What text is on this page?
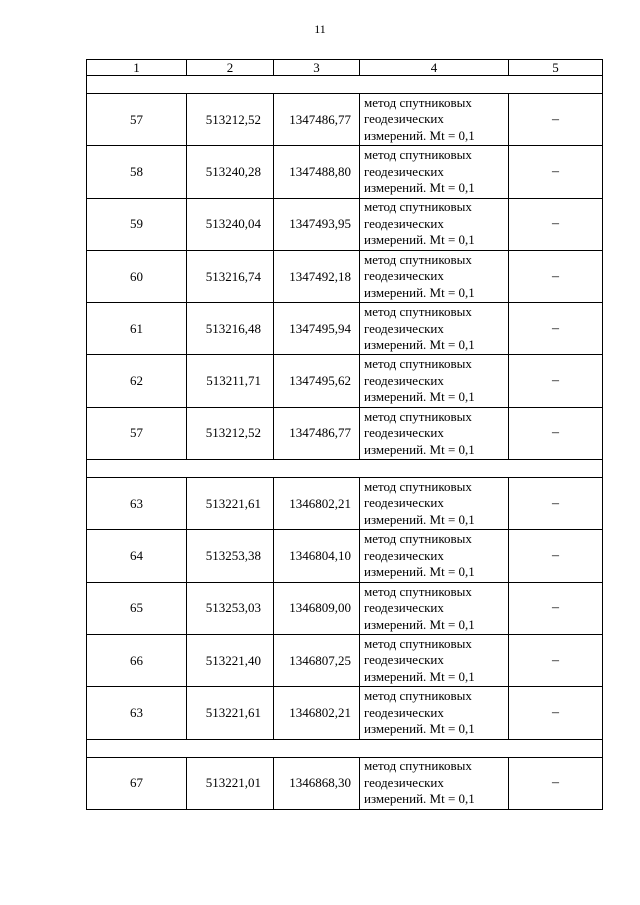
11
1	2	3	4	5

57	513212,52	1347486,77	метод спутниковых
геодезических
измерений. Mt = 0,1	–
58	513240,28	1347488,80	метод спутниковых
геодезических
измерений. Mt = 0,1	–
59	513240,04	1347493,95	метод спутниковых
геодезических
измерений. Mt = 0,1	–
60	513216,74	1347492,18	метод спутниковых
геодезических
измерений. Mt = 0,1	–
61	513216,48	1347495,94	метод спутниковых
геодезических
измерений. Mt = 0,1	–
62	513211,71	1347495,62	метод спутниковых
геодезических
измерений. Mt = 0,1	–
57	513212,52	1347486,77	метод спутниковых
геодезических
измерений. Mt = 0,1	–

63	513221,61	1346802,21	метод спутниковых
геодезических
измерений. Mt = 0,1	–
64	513253,38	1346804,10	метод спутниковых
геодезических
измерений. Mt = 0,1	–
65	513253,03	1346809,00	метод спутниковых
геодезических
измерений. Mt = 0,1	–
66	513221,40	1346807,25	метод спутниковых
геодезических
измерений. Mt = 0,1	–
63	513221,61	1346802,21	метод спутниковых
геодезических
измерений. Mt = 0,1	–

67	513221,01	1346868,30	метод спутниковых
геодезических
измерений. Mt = 0,1	–
